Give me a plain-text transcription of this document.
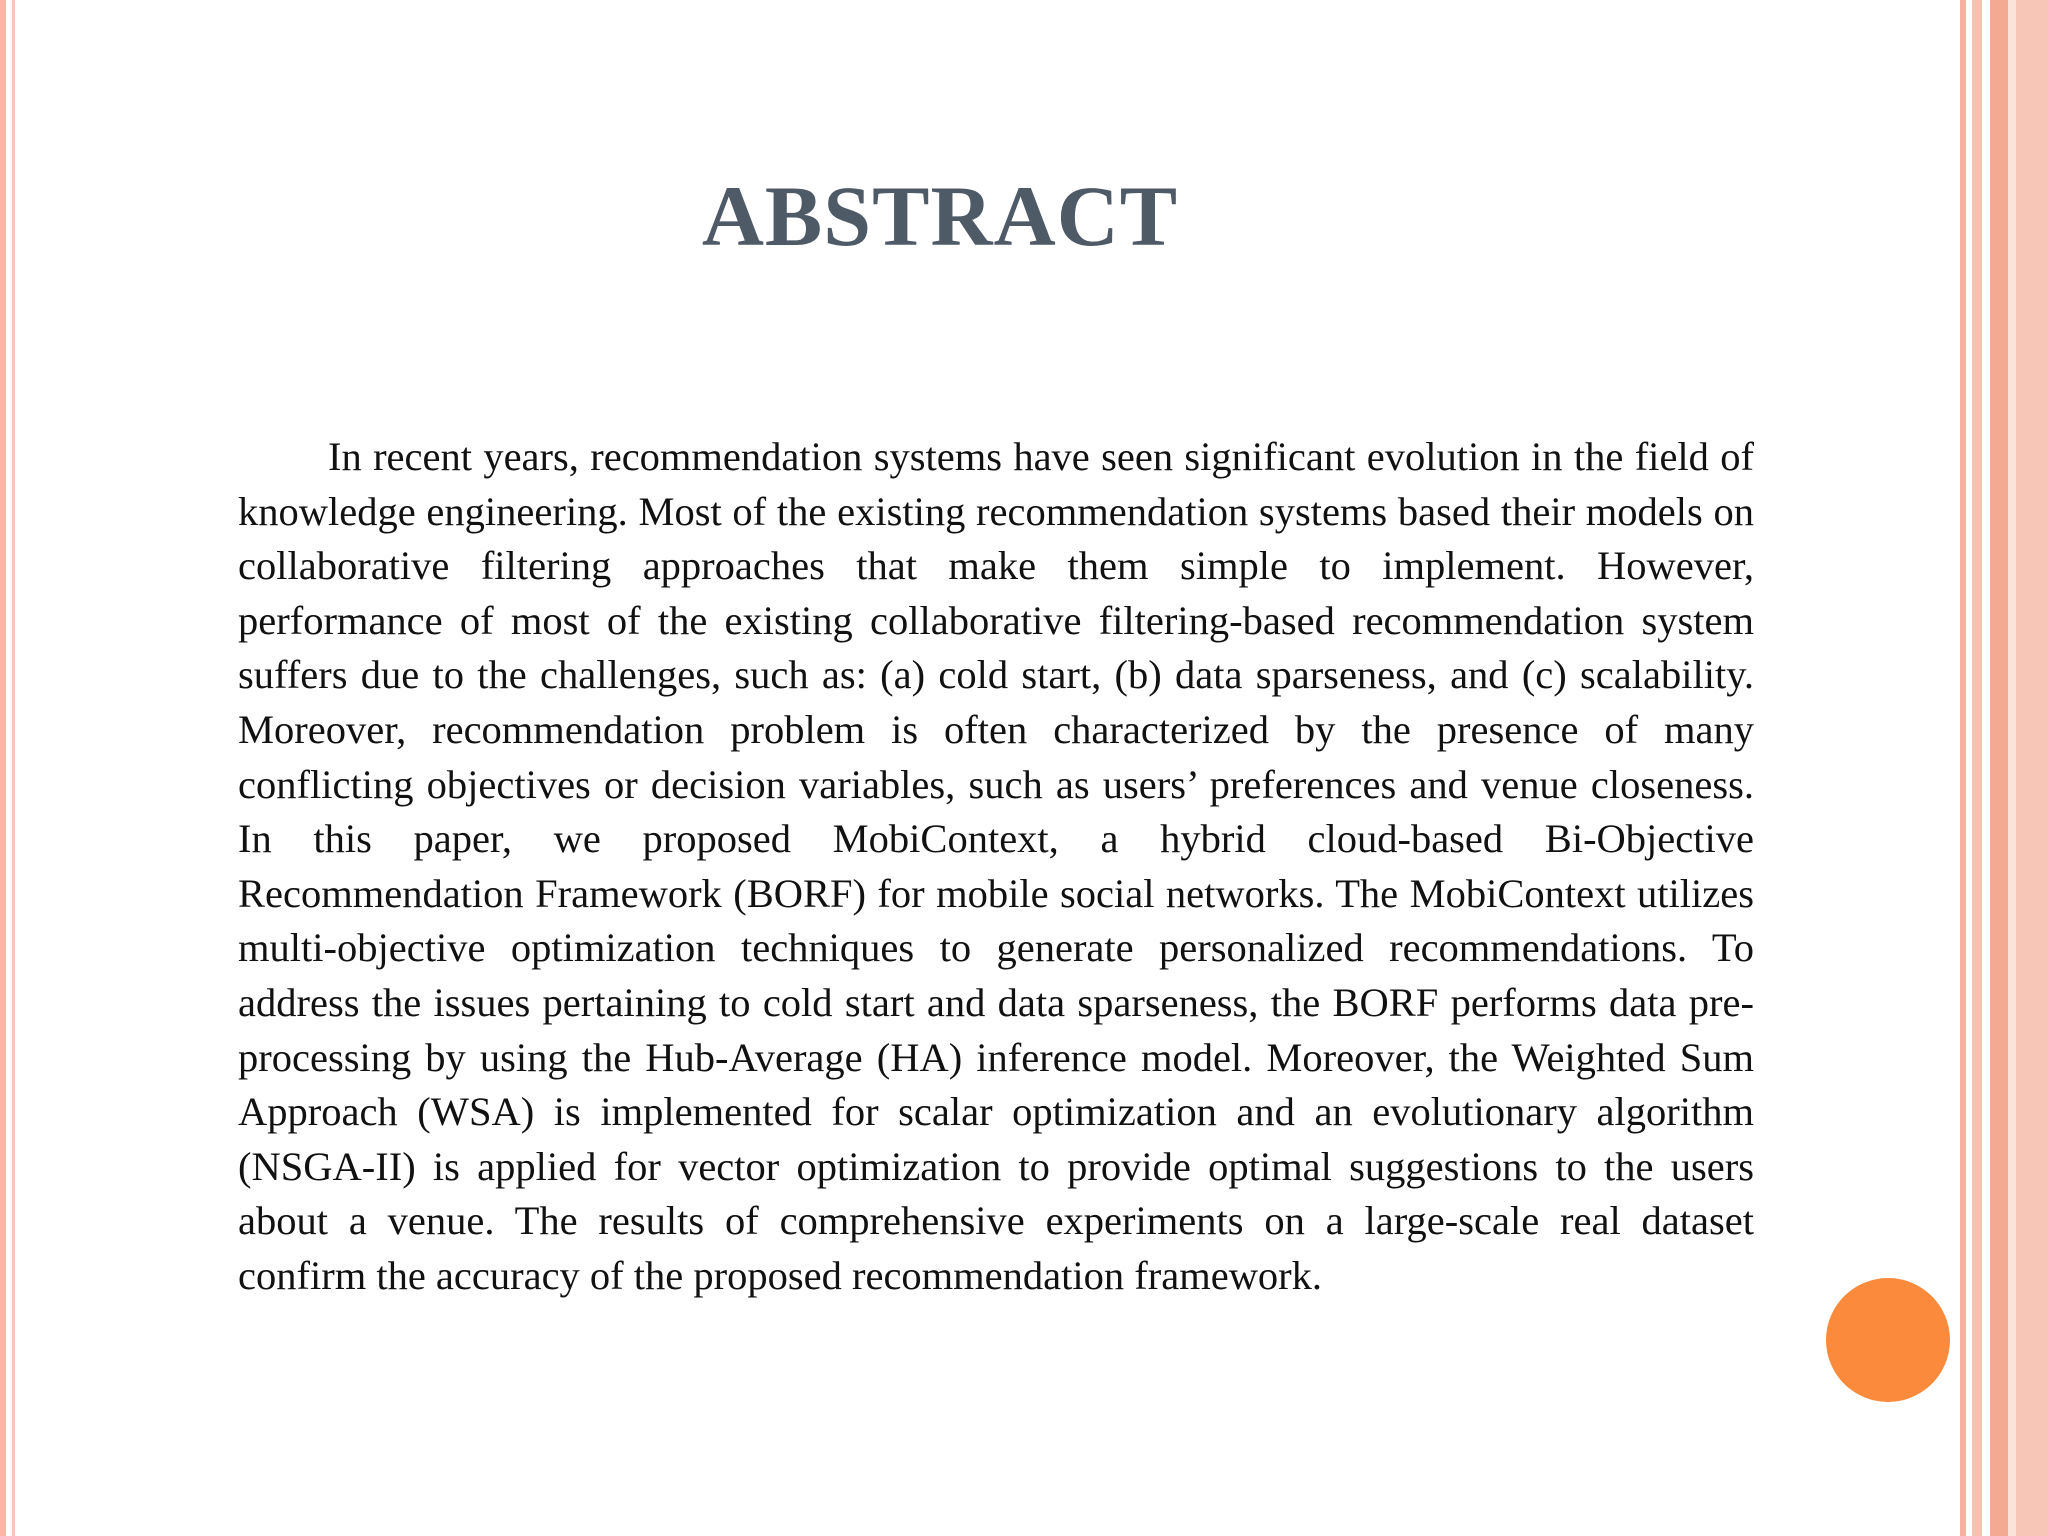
ABSTRACT

In recent years, recommendation systems have seen significant evolution in the field of knowledge engineering. Most of the existing recommendation systems based their models on collaborative filtering approaches that make them simple to implement. However, performance of most of the existing collaborative filtering-based recommendation system suffers due to the challenges, such as: (a) cold start, (b) data sparseness, and (c) scalability. Moreover, recommendation problem is often characterized by the presence of many conflicting objectives or decision variables, such as users’ preferences and venue closeness. In this paper, we proposed MobiContext, a hybrid cloud-based Bi-Objective Recommendation Framework (BORF) for mobile social networks. The MobiContext utilizes multi-objective optimization techniques to generate personalized recommendations. To address the issues pertaining to cold start and data sparseness, the BORF performs data pre-processing by using the Hub-Average (HA) inference model. Moreover, the Weighted Sum Approach (WSA) is implemented for scalar optimization and an evolutionary algorithm (NSGA-II) is applied for vector optimization to provide optimal suggestions to the users about a venue. The results of comprehensive experiments on a large-scale real dataset confirm the accuracy of the proposed recommendation framework.
